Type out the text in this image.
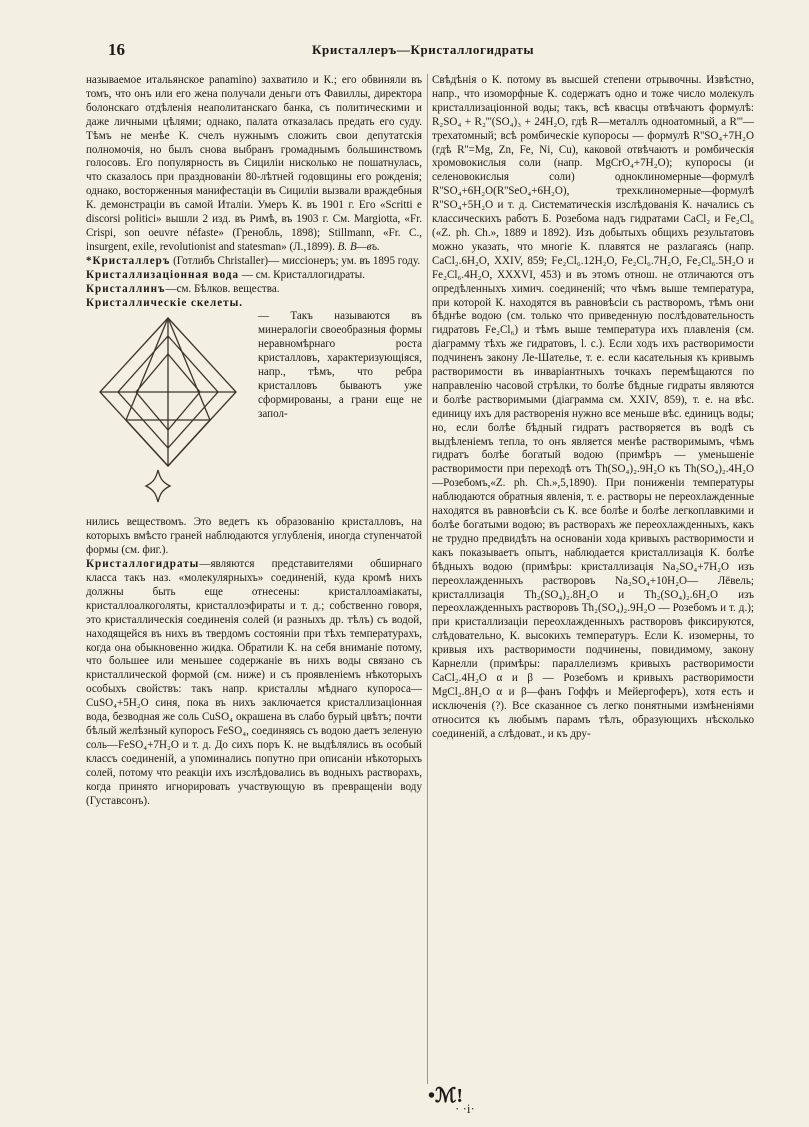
16	Кристаллеръ—Кристаллогидраты

называемое итальянское panamino) захватило и К.; его обвиняли въ томъ, что онъ или его жена получали деньги отъ Фавиллы, директора болонскаго отдѣленія неаполитанскаго банка, съ политическими и даже личными цѣлями; однако, палата отказалась предать его суду. Тѣмъ не менѣе К. счелъ нужнымъ сложить свои депутатскія полномочія, но былъ снова выбранъ громаднымъ большинствомъ голосовъ. Его популярность въ Сициліи нисколько не пошатнулась, что сказалось при празднованіи 80-лѣтней годовщины его рожденія; однако, восторженныя манифестаціи въ Сициліи вызвали враждебныя К. демонстраціи въ самой Италіи. Умеръ К. въ 1901 г. Его «Scritti e discorsi politici» вышли 2 изд. въ Римѣ, въ 1903 г. См. Margiotta, «Fr. Crispi, son oeuvre néfaste» (Гренобль, 1898); Stillmann, «Fr. C., insurgent, exile, revolutionist and statesman» (Л.,1899). В. В—въ.

*Кристаллеръ (Готлибъ Christaller)— миссіонеръ; ум. въ 1895 году.

Кристаллизаціонная вода — см. Кристаллогидраты.

Кристаллинъ—см. Бѣлков. вещества.

Кристаллическіе скелеты.

— Такъ называются въ минералогіи своеобразныя формы неравномѣрнаго роста кристалловъ, характеризующіяся, напр., тѣмъ, что ребра кристалловъ бываютъ уже сформированы, а грани еще не запол-

нились веществомъ. Это ведетъ къ образованію кристалловъ, на которыхъ вмѣсто граней наблюдаются углубленія, иногда ступенчатой формы (см. фиг.).

Кристаллогидраты—являются представителями обширнаго класса такъ наз. «молекулярныхъ» соединеній, куда кромѣ нихъ должны быть еще отнесены: кристаллоаміакаты, кристаллоалкоголяты, кристаллоэфираты и т. д.; собственно говоря, это кристаллическія соединенія солей (и разныхъ др. тѣлъ) съ водой, находящейся въ нихъ въ твердомъ состояніи при тѣхъ температурахъ, когда она обыкновенно жидка. Обратили К. на себя вниманіе потому, что большее или меньшее содержаніе въ нихъ воды связано съ кристаллической формой (см. ниже) и съ проявленіемъ нѣкоторыхъ особыхъ свойствъ: такъ напр. кристаллы мѣднаго купороса— CuSO₄+5H₂O синя, пока въ нихъ заключается кристаллизаціонная вода, безводная же соль CuSO₄ окрашена въ слабо бурый цвѣтъ; почти бѣлый желѣзный купоросъ FeSO₄, соединяясь съ водою даетъ зеленую соль—FeSO₄+7H₂O и т. д. До сихъ поръ К. не выдѣлялись въ особый классъ соединеній, а упоминались попутно при описаніи нѣкоторыхъ солей, потому что реакціи ихъ изслѣдовались въ водныхъ растворахъ, когда принято игнорировать участвующую въ превращеніи воду (Густавсонъ).

Свѣдѣнія о К. потому въ высшей степени отрывочны. Извѣстно, напр., что изоморфные К. содержатъ одно и тоже число молекулъ кристаллизаціонной воды; такъ, всѣ квасцы отвѣчаютъ формулѣ: R₂SO₄ + R₂'''(SO₄)₃ + 24H₂O, гдѣ R—металлъ одноатомный, а R'''—трехатомный; всѣ ромбическіе купоросы — формулѣ R''SO₄+7H₂O (гдѣ R''=Mg, Zn, Fe, Ni, Cu), каковой отвѣчаютъ и ромбическія хромовокислыя соли (напр. MgCrO₄+7H₂O); купоросы (и селеновокислыя соли) одноклиномерные—формулѣ R''SO₄+6H₂O(R''SeO₄+6H₂O), трехклиномерные—формулѣ R''SO₄+5H₂O и т. д. Систематическія изслѣдованія К. начались съ классическихъ работъ Б. Розебома надъ гидратами CaCl₂ и Fe₂Cl₆ («Z. ph. Ch.», 1889 и 1892). Изъ добытыхъ общихъ результатовъ можно указать, что многіе К. плавятся не разлагаясь (напр. CaCl₂.6H₂O, XXIV, 859; Fe₂Cl₆.12H₂O, Fe₂Cl₆.7H₂O, Fe₂Cl₆.5H₂O и Fe₂Cl₆.4H₂O, XXXVI, 453) и въ этомъ отнош. не отличаются отъ опредѣленныхъ химич. соединеній; что чѣмъ выше температура, при которой К. находятся въ равновѣсіи съ растворомъ, тѣмъ они бѣднѣе водою (см. только что приведенную послѣдовательность гидратовъ Fe₂Cl₆) и тѣмъ выше температура ихъ плавленія (см. діаграмму тѣхъ же гидратовъ, l. c.). Если ходъ ихъ растворимости подчиненъ закону Ле-Шателье, т. е. если касательныя къ кривымъ растворимости въ инваріантныхъ точкахъ перемѣщаются по направленію часовой стрѣлки, то болѣе бѣдные гидраты являются и болѣе растворимыми (діаграмма см. XXIV, 859), т. е. на вѣс. единицу ихъ для растворенія нужно все меньше вѣс. единицъ воды; но, если болѣе бѣдный гидратъ растворяется въ водѣ съ выдѣленіемъ тепла, то онъ является менѣе растворимымъ, чѣмъ гидратъ болѣе богатый водою (примѣръ — уменьшеніе растворимости при переходѣ отъ Th(SO₄)₂.9H₂O къ Th(SO₄)₂.4H₂O—Розебомъ,«Z. ph. Ch.»,5,1890). При пониженіи температуры наблюдаются обратныя явленія, т. е. растворы не переохлажденные находятся въ равновѣсіи съ К. все болѣе и болѣе легкоплавкими и болѣе богатыми водою; въ растворахъ же переохлажденныхъ, какъ не трудно предвидѣть на основаніи хода кривыхъ растворимости и какъ показываетъ опытъ, наблюдается кристаллизація К. болѣе бѣдныхъ водою (примѣры: кристаллизація Na₂SO₄+7H₂O изъ переохлажденныхъ растворовъ Na₂SO₄+10H₂O— Лёвель; кристаллизація Th₂(SO₄)₂.8H₂O и Th₂(SO₄)₂.6H₂O изъ переохлажденныхъ растворовъ Th₂(SO₄)₂.9H₂O — Розебомъ и т. д.); при кристаллизаціи переохлажденныхъ растворовъ фиксируются, слѣдовательно, К. высокихъ температуръ. Если К. изомерны, то кривыя ихъ растворимости подчинены, повидимому, закону Карнелли (примѣры: параллелизмъ кривыхъ растворимости CaCl₂.4H₂O α и β — Розебомъ и кривыхъ растворимости MgCl₂.8H₂O α и β—фанъ Гоффъ и Мейергоферъ), хотя есть и исключенія (?). Все сказанное съ легко понятными измѣненіями относится къ любымъ парамъ тѣлъ, образующихъ нѣсколько соединеній, а слѣдоват., и къ дру-

•ℳ!
· ·i·
